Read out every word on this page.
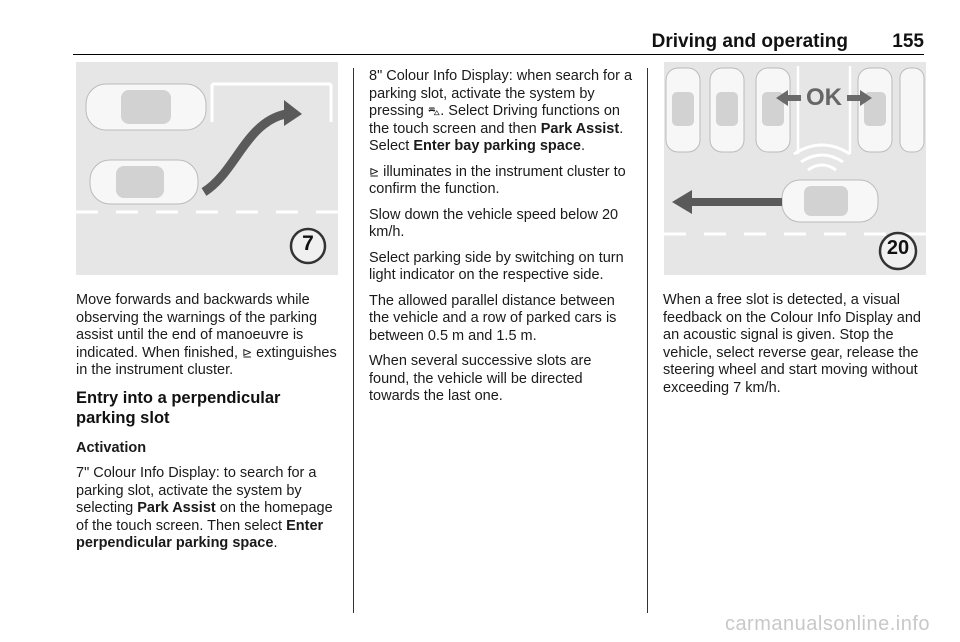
Driving and operating 155
7
OK
20

Move forwards and backwards while observing the warnings of the parking assist until the end of manoeuvre is indicated. When finished, ⊵ extinguishes in the instrument cluster.

Entry into a perpendicular parking slot

Activation

7" Colour Info Display: to search for a parking slot, activate the system by selecting Park Assist on the homepage of the touch screen. Then select Enter perpendicular parking space.

8" Colour Info Display: when search for a parking slot, activate the system by pressing ⛍. Select Driving functions on the touch screen and then Park Assist. Select Enter bay parking space.

⊵ illuminates in the instrument cluster to confirm the function.

Slow down the vehicle speed below 20 km/h.

Select parking side by switching on turn light indicator on the respective side.

The allowed parallel distance between the vehicle and a row of parked cars is between 0.5 m and 1.5 m.

When several successive slots are found, the vehicle will be directed towards the last one.

When a free slot is detected, a visual feedback on the Colour Info Display and an acoustic signal is given. Stop the vehicle, select reverse gear, release the steering wheel and start moving without exceeding 7 km/h.

carmanualsonline.info
